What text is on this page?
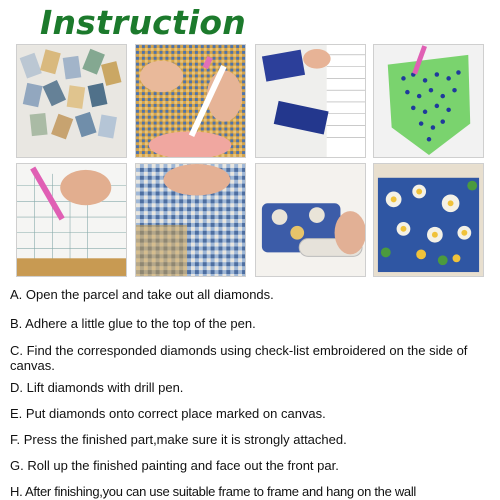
Instruction

A. Open the parcel and take out all diamonds.

B. Adhere a little glue to the top of the pen.

C. Find the corresponded diamonds using check-list embroidered on the side of canvas.

D. Lift diamonds with drill pen.

E. Put diamonds onto correct place marked on canvas.

F. Press the finished part,make sure it is strongly attached.

G. Roll up the finished painting and face out the front par.

H. After finishing,you can use suitable frame to frame and hang on the wall
